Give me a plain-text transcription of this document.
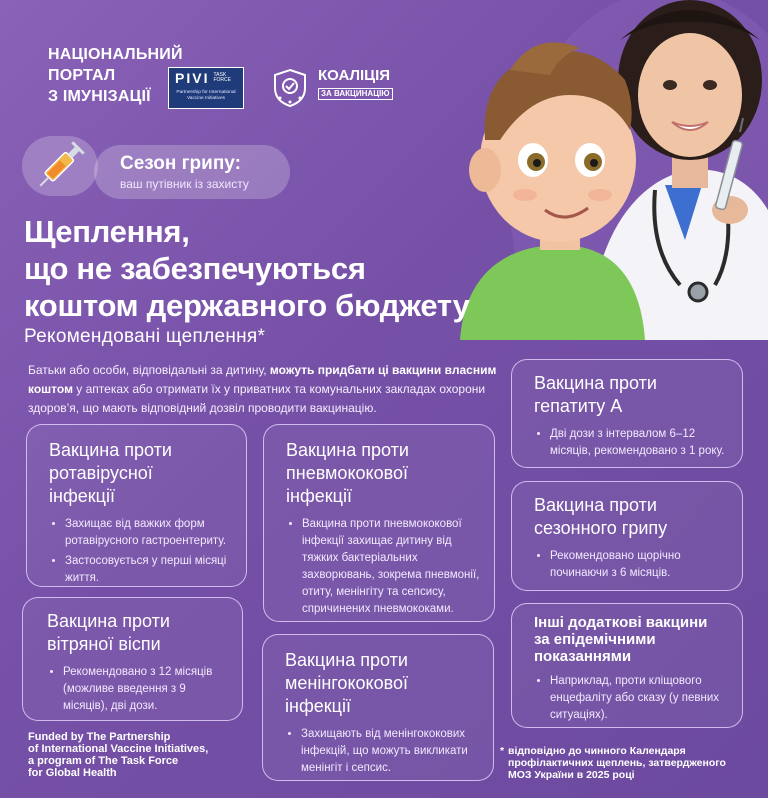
НАЦІОНАЛЬНИЙ
ПОРТАЛ
З ІМУНІЗАЦІЇ
PIVI TASK
FORCE
Partnership for International Vaccine Initiatives
КОАЛІЦІЯ
ЗА ВАКЦИНАЦІЮ
Сезон грипу:
ваш путівник із захисту
Щеплення,
що не забезпечуються
коштом державного бюджету
Рекомендовані щеплення*
Батьки або особи, відповідальні за дитину, можуть придбати ці вакцини власним коштом у аптеках або отримати їх у приватних та комунальних закладах охорони здоров’я, що мають відповідний дозвіл проводити вакцинацію.
Вакцина проти
ротавірусної
інфекції
• Захищає від важких форм ротавірусного гастроентериту.
• Застосовується у перші місяці життя.
Вакцина проти
вітряної віспи
• Рекомендовано з 12 місяців (можливе введення з 9 місяців), дві дози.
Вакцина проти
пневмококової
інфекції
• Вакцина проти пневмококової інфекції захищає дитину від тяжких бактеріальних захворювань, зокрема пневмонії, отиту, менінгіту та сепсису, спричинених пневмококами.
Вакцина проти
менінгококової
інфекції
• Захищають від менінгококових інфекцій, що можуть викликати менінгіт і сепсис.
Вакцина проти
гепатиту А
• Дві дози з інтервалом 6–12 місяців, рекомендовано з 1 року.
Вакцина проти
сезонного грипу
• Рекомендовано щорічно починаючи з 6 місяців.
Інші додаткові вакцини
за епідемічними
показаннями
• Наприклад, проти кліщового енцефаліту або сказу (у певних ситуаціях).
Funded by The Partnership
of International Vaccine Initiatives,
a program of The Task Force
for Global Health
* відповідно до чинного Календаря
профілактичних щеплень, затвердженого
МОЗ України в 2025 році
